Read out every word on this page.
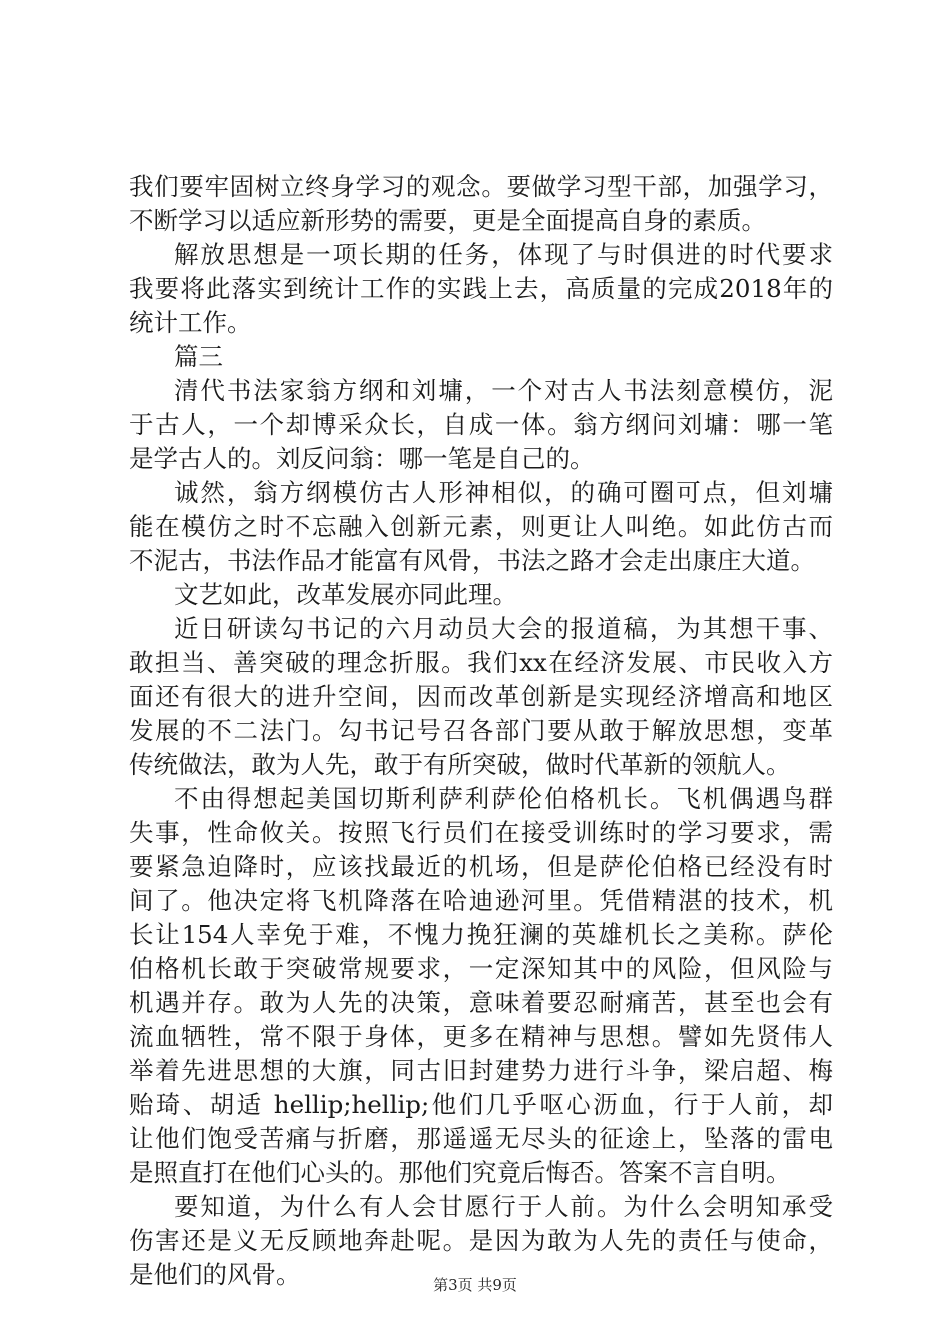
我们要牢固树立终身学习的观念。要做学习型干部，加强学习，
不断学习以适应新形势的需要，更是全面提高自身的素质。
解放思想是一项长期的任务，体现了与时俱进的时代要求
我要将此落实到统计工作的实践上去，高质量的完成2018年的
统计工作。
篇三
清代书法家翁方纲和刘墉，一个对古人书法刻意模仿，泥
于古人，一个却博采众长，自成一体。翁方纲问刘墉：哪一笔
是学古人的。刘反问翁：哪一笔是自己的。
诚然，翁方纲模仿古人形神相似，的确可圈可点，但刘墉
能在模仿之时不忘融入创新元素，则更让人叫绝。如此仿古而
不泥古，书法作品才能富有风骨，书法之路才会走出康庄大道。
文艺如此，改革发展亦同此理。
近日研读勾书记的六月动员大会的报道稿，为其想干事、
敢担当、善突破的理念折服。我们xx在经济发展、市民收入方
面还有很大的进升空间，因而改革创新是实现经济增高和地区
发展的不二法门。勾书记号召各部门要从敢于解放思想，变革
传统做法，敢为人先，敢于有所突破，做时代革新的领航人。
不由得想起美国切斯利萨利萨伦伯格机长。飞机偶遇鸟群
失事，性命攸关。按照飞行员们在接受训练时的学习要求，需
要紧急迫降时，应该找最近的机场，但是萨伦伯格已经没有时
间了。他决定将飞机降落在哈迪逊河里。凭借精湛的技术，机
长让154人幸免于难，不愧力挽狂澜的英雄机长之美称。萨伦
伯格机长敢于突破常规要求，一定深知其中的风险，但风险与
机遇并存。敢为人先的决策，意味着要忍耐痛苦，甚至也会有
流血牺牲，常不限于身体，更多在精神与思想。譬如先贤伟人
举着先进思想的大旗，同古旧封建势力进行斗争，梁启超、梅
贻琦、胡适 hellip;hellip;他们几乎呕心沥血，行于人前，却
让他们饱受苦痛与折磨，那遥遥无尽头的征途上，坠落的雷电
是照直打在他们心头的。那他们究竟后悔否。答案不言自明。
要知道，为什么有人会甘愿行于人前。为什么会明知承受
伤害还是义无反顾地奔赴呢。是因为敢为人先的责任与使命，
是他们的风骨。	第3页 共9页
